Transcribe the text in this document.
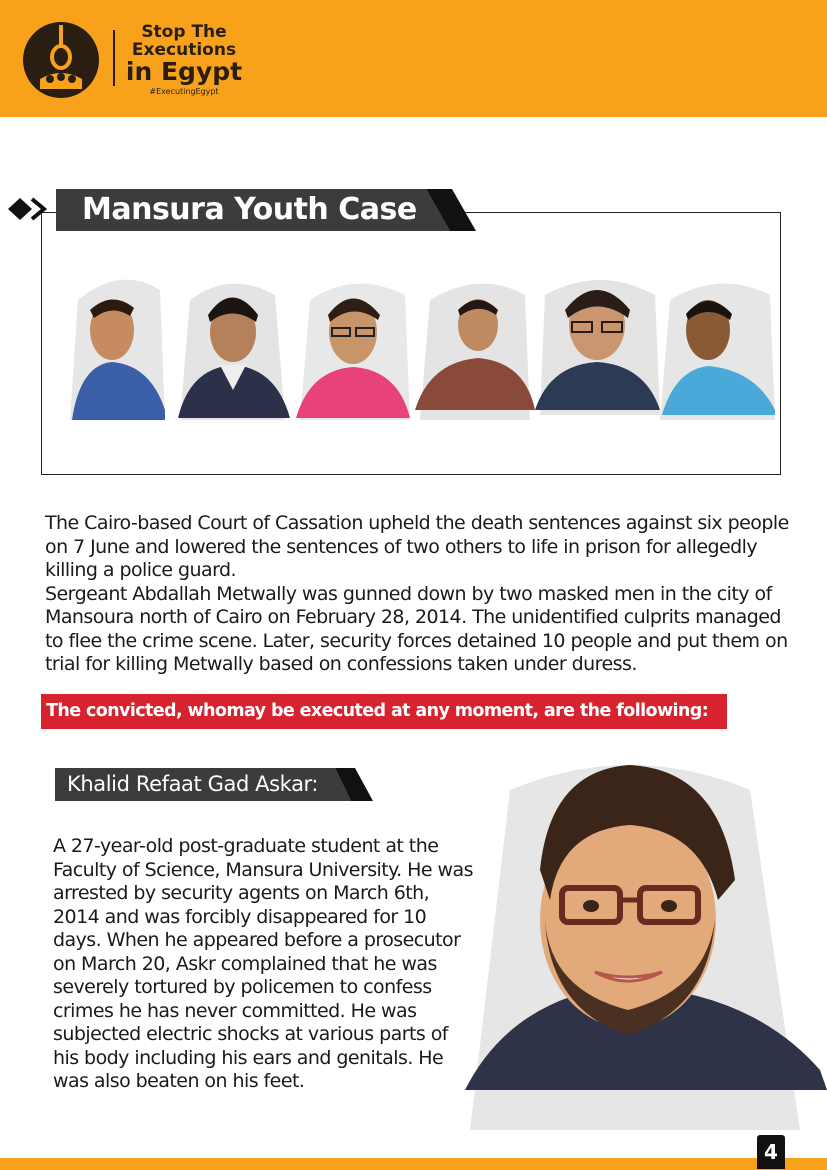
Stop The
Executions
in Egypt
#ExecutingEgypt
Mansura Youth Case

The Cairo-based Court of Cassation upheld the death sentences against six people on 7 June and lowered the sentences of two others to life in prison for allegedly killing a police guard.

Sergeant Abdallah Metwally was gunned down by two masked men in the city of Mansoura north of Cairo on February 28, 2014. The unidentified culprits managed to flee the crime scene. Later, security forces detained 10 people and put them on trial for killing Metwally based on confessions taken under duress.

The convicted, whomay be executed at any moment, are the following:
Khalid Refaat Gad Askar:

A 27-year-old post-graduate student at the Faculty of Science, Mansura University. He was arrested by security agents on March 6th, 2014 and was forcibly disappeared for 10 days. When he appeared before a prosecutor on March 20, Askr complained that he was severely tortured by policemen to confess crimes he has never committed. He was subjected electric shocks at various parts of his body including his ears and genitals. He was also beaten on his feet.

4
